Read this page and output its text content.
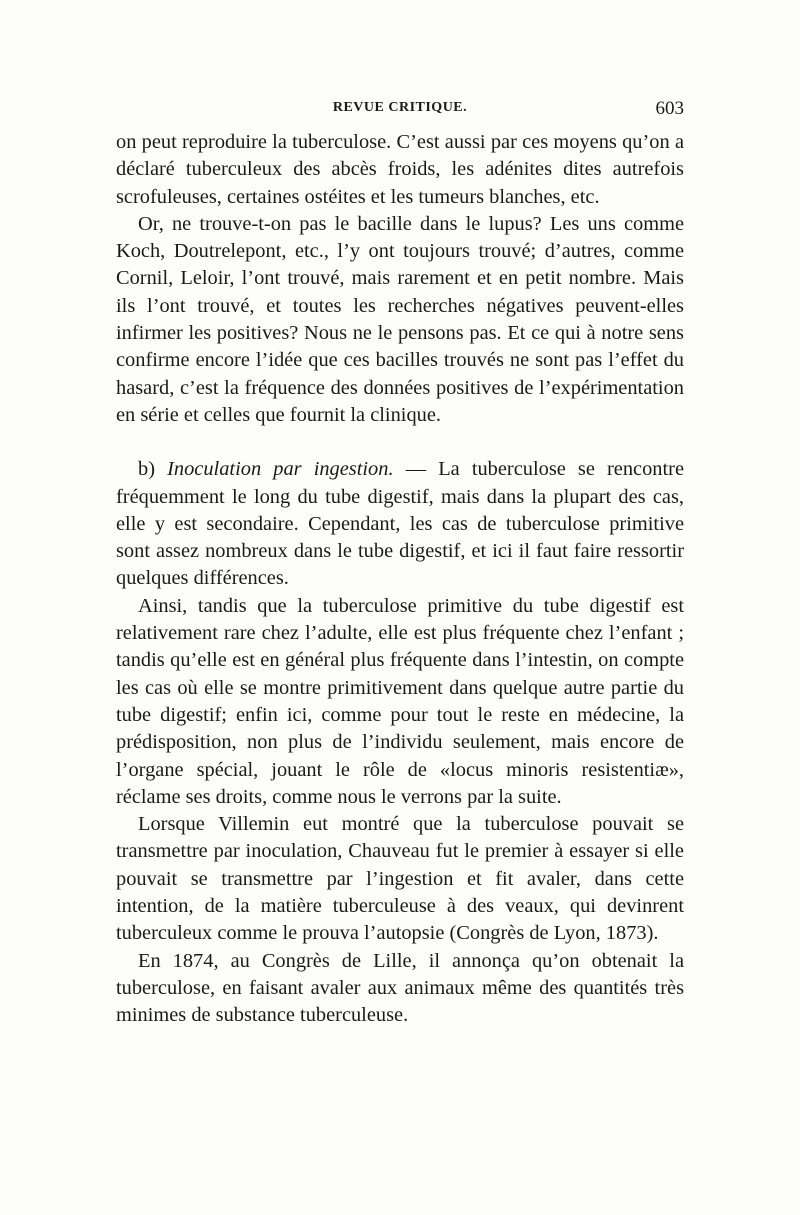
REVUE CRITIQUE.	603

on peut reproduire la tuberculose. C’est aussi par ces moyens qu’on a déclaré tuberculeux des abcès froids, les adénites dites autrefois scrofuleuses, certaines ostéites et les tumeurs blanches, etc.

Or, ne trouve-t-on pas le bacille dans le lupus? Les uns comme Koch, Doutrelepont, etc., l’y ont toujours trouvé; d’autres, comme Cornil, Leloir, l’ont trouvé, mais rarement et en petit nombre. Mais ils l’ont trouvé, et toutes les recherches négatives peuvent-elles infirmer les positives? Nous ne le pensons pas. Et ce qui à notre sens confirme encore l’idée que ces bacilles trouvés ne sont pas l’effet du hasard, c’est la fréquence des données positives de l’expérimentation en série et celles que fournit la clinique.

b) Inoculation par ingestion. — La tuberculose se rencontre fréquemment le long du tube digestif, mais dans la plupart des cas, elle y est secondaire. Cependant, les cas de tuberculose primitive sont assez nombreux dans le tube digestif, et ici il faut faire ressortir quelques différences.

Ainsi, tandis que la tuberculose primitive du tube digestif est relativement rare chez l’adulte, elle est plus fréquente chez l’enfant ; tandis qu’elle est en général plus fréquente dans l’intestin, on compte les cas où elle se montre primitivement dans quelque autre partie du tube digestif; enfin ici, comme pour tout le reste en médecine, la prédisposition, non plus de l’individu seulement, mais encore de l’organe spécial, jouant le rôle de «locus minoris resistentiæ», réclame ses droits, comme nous le verrons par la suite.

Lorsque Villemin eut montré que la tuberculose pouvait se transmettre par inoculation, Chauveau fut le premier à essayer si elle pouvait se transmettre par l’ingestion et fit avaler, dans cette intention, de la matière tuberculeuse à des veaux, qui devinrent tuberculeux comme le prouva l’autopsie (Congrès de Lyon, 1873).

En 1874, au Congrès de Lille, il annonça qu’on obtenait la tuberculose, en faisant avaler aux animaux même des quantités très minimes de substance tuberculeuse.
